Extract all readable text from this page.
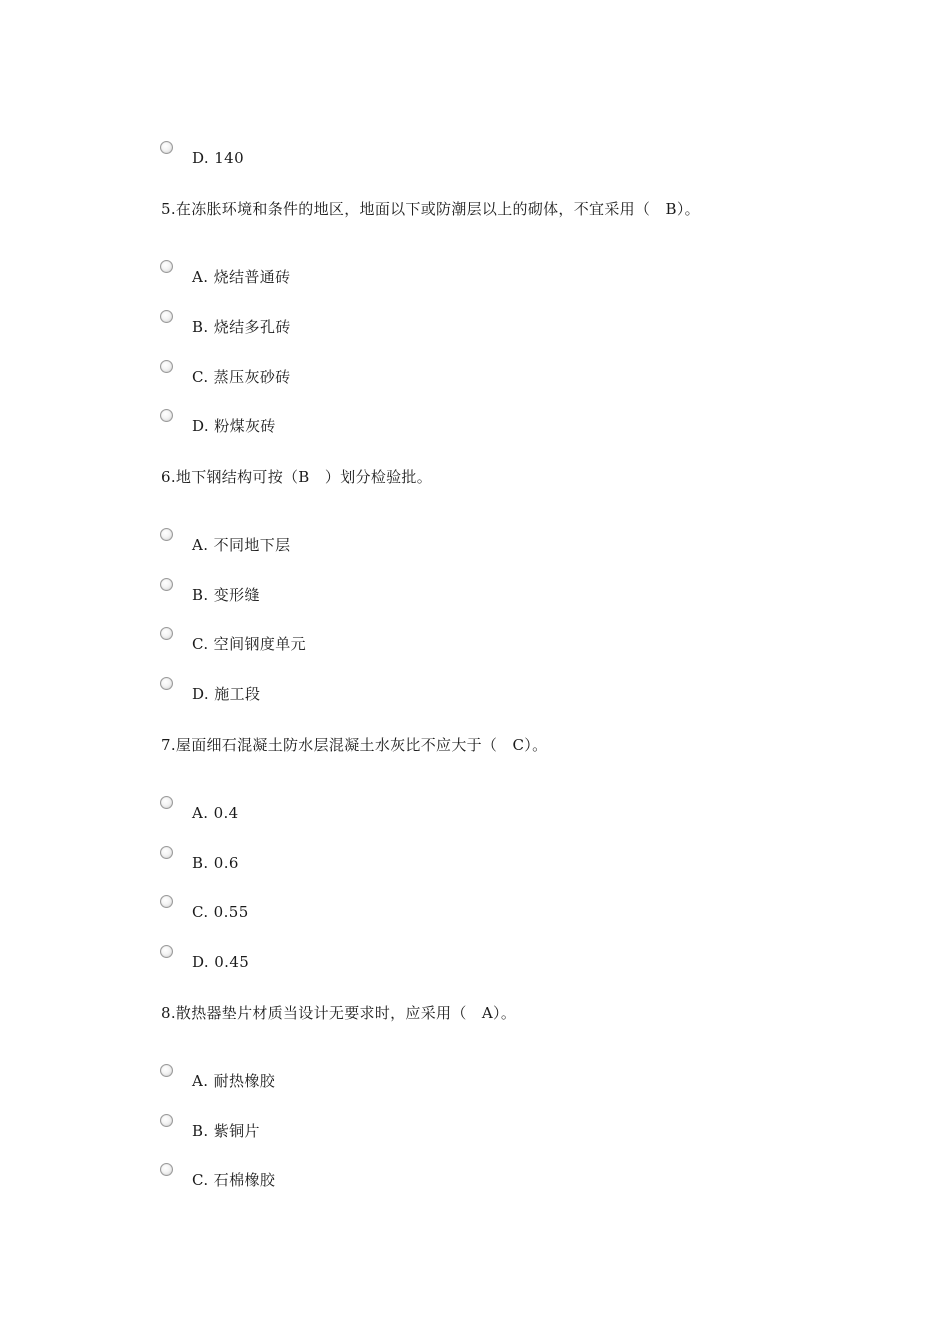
D. 140
5.在冻胀环境和条件的地区，地面以下或防潮层以上的砌体，不宜采用（　B）。
A. 烧结普通砖
B. 烧结多孔砖
C. 蒸压灰砂砖
D. 粉煤灰砖
6.地下钢结构可按（B　）划分检验批。
A. 不同地下层
B. 变形缝
C. 空间钢度单元
D. 施工段
7.屋面细石混凝土防水层混凝土水灰比不应大于（　C）。
A. 0.4
B. 0.6
C. 0.55
D. 0.45
8.散热器垫片材质当设计无要求时，应采用（　A）。
A. 耐热橡胶
B. 紫铜片
C. 石棉橡胶
